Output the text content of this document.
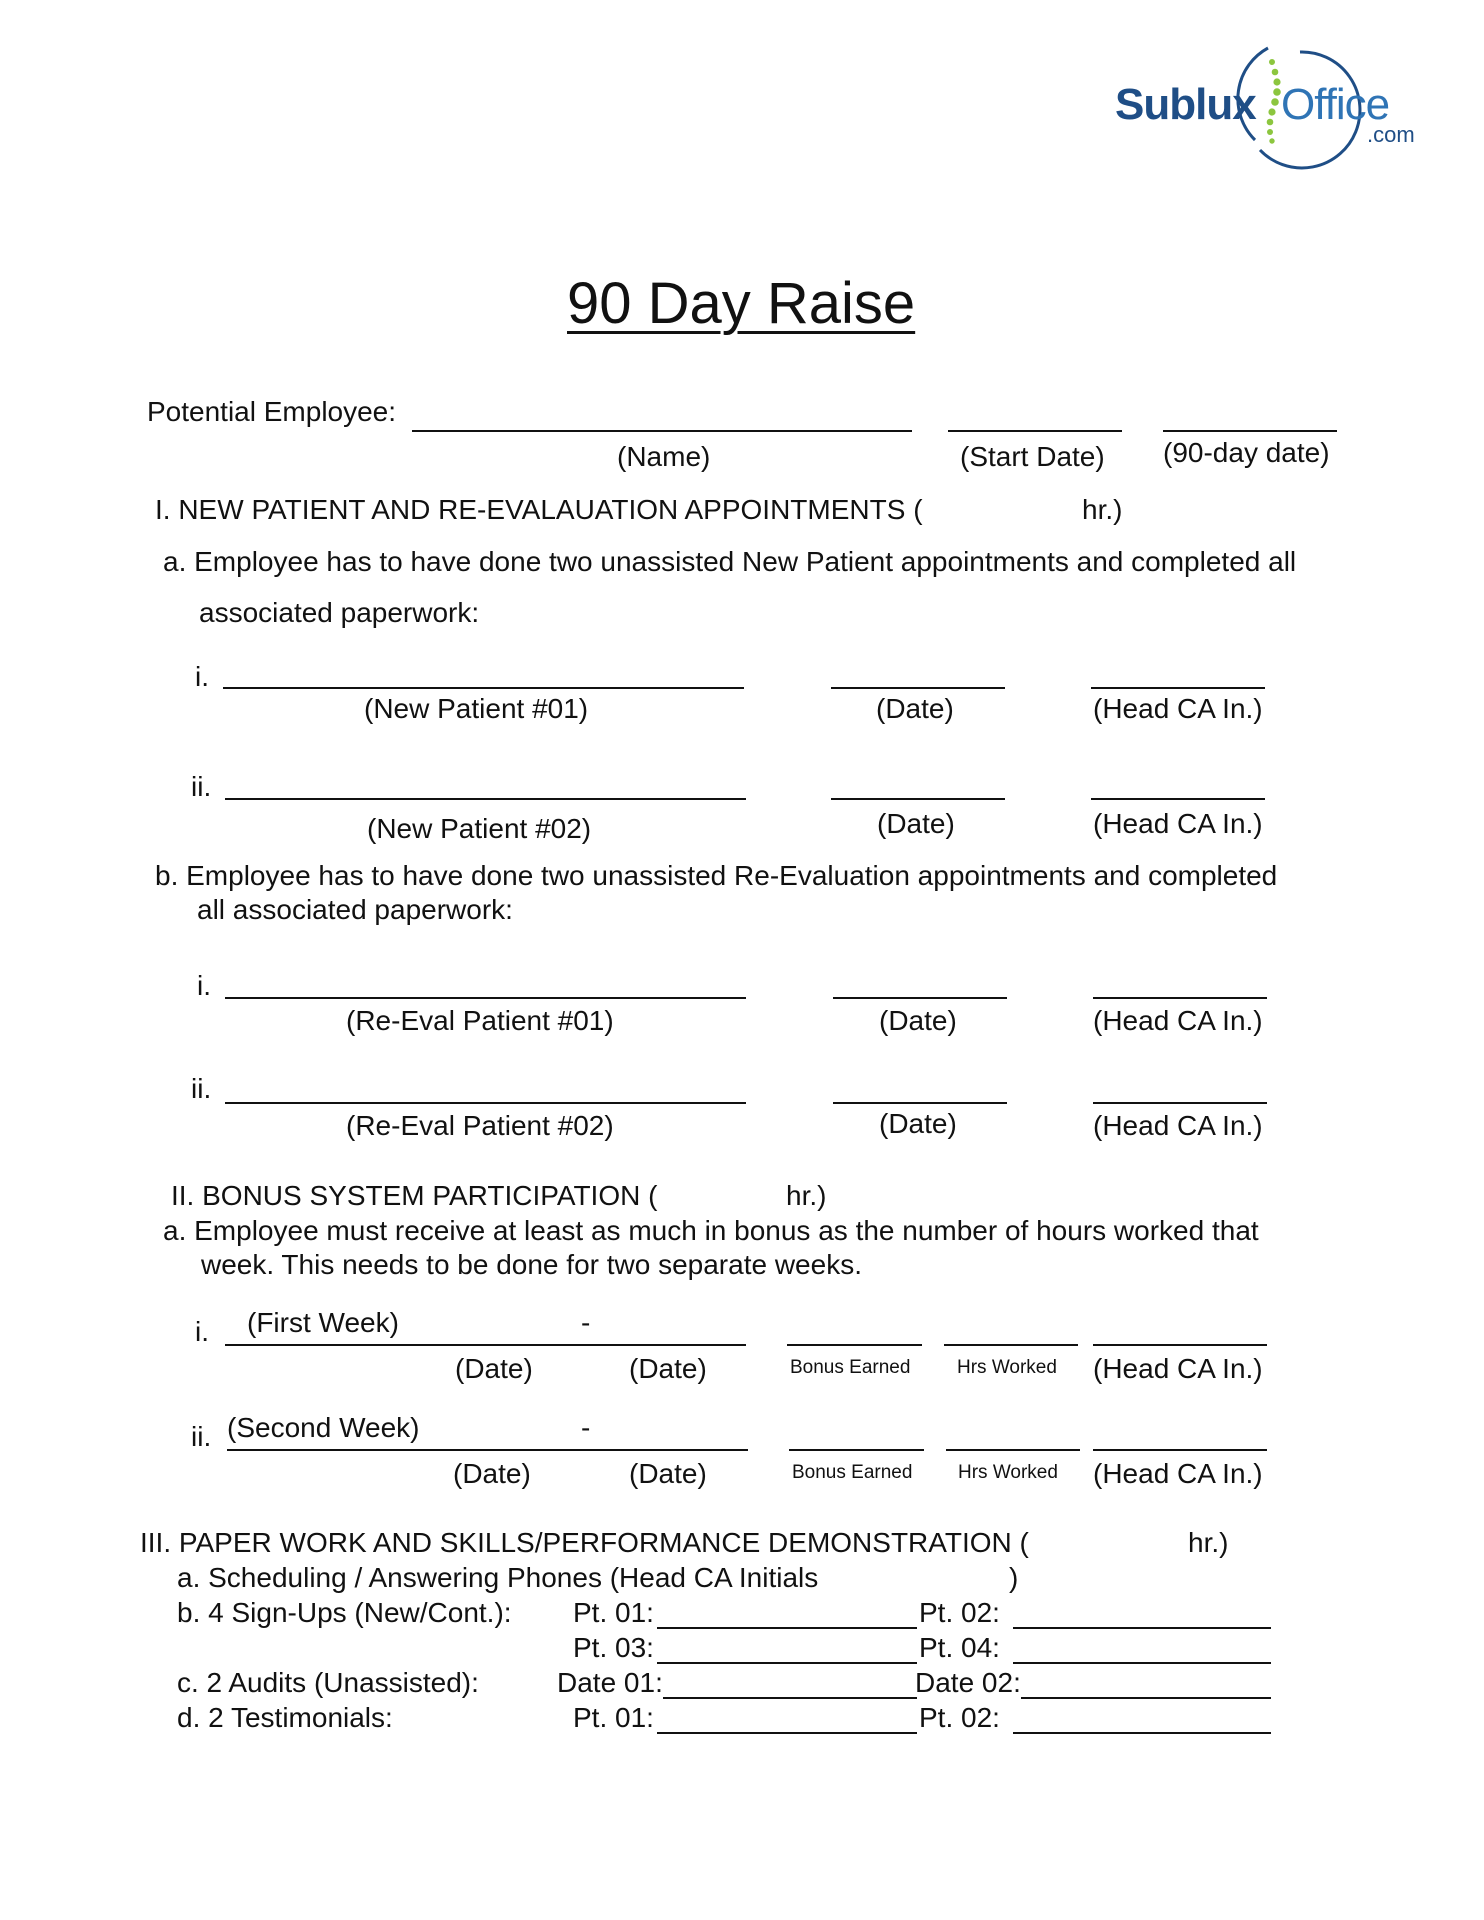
Sublux Office
.com
90 Day Raise
Potential Employee:
(Name)	(Start Date) (90-day date)
I. NEW PATIENT AND RE-EVALAUATION APPOINTMENTS (	hr.)
a. Employee has to have done two unassisted New Patient appointments and completed all
associated paperwork:
i.
(New Patient #01)	(Date)	(Head CA In.)
ii.
(New Patient #02)	(Date)	(Head CA In.)
b. Employee has to have done two unassisted Re-Evaluation appointments and completed
all associated paperwork:
i.
(Re-Eval Patient #01)	(Date)	(Head CA In.)
ii.
(Re-Eval Patient #02)	(Date)	(Head CA In.)
II. BONUS SYSTEM PARTICIPATION (	hr.)
a. Employee must receive at least as much in bonus as the number of hours worked that
week. This needs to be done for two separate weeks.
i. (First Week)	-
(Date)	(Date)	Bonus Earned Hrs Worked (Head CA In.)
ii. (Second Week)	-
(Date)	(Date)	Bonus Earned Hrs Worked (Head CA In.)
III. PAPER WORK AND SKILLS/PERFORMANCE DEMONSTRATION (	hr.)
a. Scheduling / Answering Phones (Head CA Initials	)
b. 4 Sign-Ups (New/Cont.): Pt. 01:	Pt. 02:
Pt. 03:	Pt. 04:
c. 2 Audits (Unassisted):	Date 01:	Date 02:
d. 2 Testimonials:	Pt. 01:	Pt. 02:
